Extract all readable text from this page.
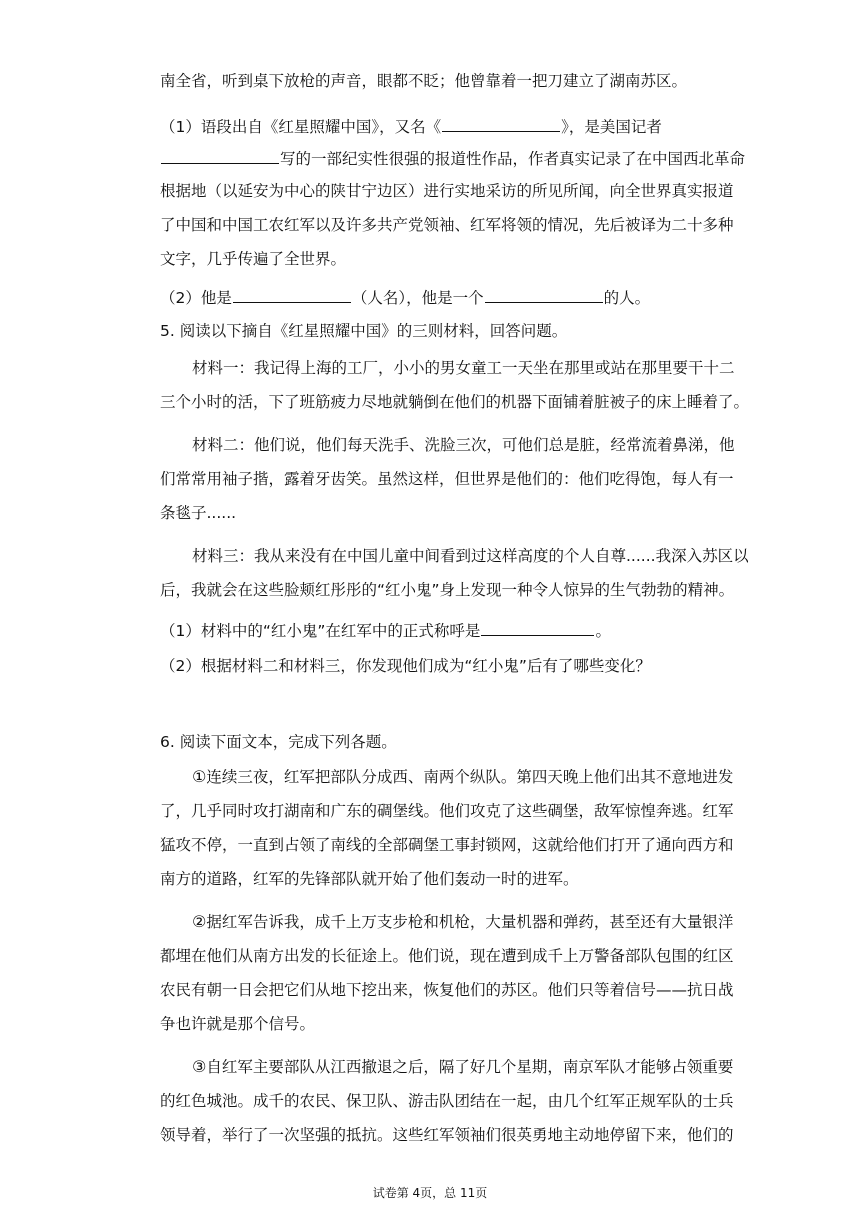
南全省，听到桌下放枪的声音，眼都不眨；他曾靠着一把刀建立了湖南苏区。
（1）语段出自《红星照耀中国》，又名《	》，是美国记者
写的一部纪实性很强的报道性作品，作者真实记录了在中国西北革命
根据地（以延安为中心的陕甘宁边区）进行实地采访的所见所闻，向全世界真实报道
了中国和中国工农红军以及许多共产党领袖、红军将领的情况，先后被译为二十多种
文字，几乎传遍了全世界。
（2）他是	（人名），他是一个	的人。
5. 阅读以下摘自《红星照耀中国》的三则材料，回答问题。
材料一：我记得上海的工厂，小小的男女童工一天坐在那里或站在那里要干十二
三个小时的活，下了班筋疲力尽地就躺倒在他们的机器下面铺着脏被子的床上睡着了。
材料二：他们说，他们每天洗手、洗脸三次，可他们总是脏，经常流着鼻涕，他
们常常用袖子揩，露着牙齿笑。虽然这样，但世界是他们的：他们吃得饱，每人有一
条毯子......
材料三：我从来没有在中国儿童中间看到过这样高度的个人自尊......我深入苏区以
后，我就会在这些脸颊红彤彤的“红小鬼”身上发现一种令人惊异的生气勃勃的精神。
（1）材料中的“红小鬼”在红军中的正式称呼是	。
（2）根据材料二和材料三，你发现他们成为“红小鬼”后有了哪些变化？
6. 阅读下面文本，完成下列各题。
①连续三夜，红军把部队分成西、南两个纵队。第四天晚上他们出其不意地进发
了，几乎同时攻打湖南和广东的碉堡线。他们攻克了这些碉堡，敌军惊惶奔逃。红军
猛攻不停，一直到占领了南线的全部碉堡工事封锁网，这就给他们打开了通向西方和
南方的道路，红军的先锋部队就开始了他们轰动一时的进军。
②据红军告诉我，成千上万支步枪和机枪，大量机器和弹药，甚至还有大量银洋
都埋在他们从南方出发的长征途上。他们说，现在遭到成千上万警备部队包围的红区
农民有朝一日会把它们从地下挖出来，恢复他们的苏区。他们只等着信号——抗日战
争也许就是那个信号。
③自红军主要部队从江西撤退之后，隔了好几个星期，南京军队才能够占领重要
的红色城池。成千的农民、保卫队、游击队团结在一起，由几个红军正规军队的士兵
领导着，举行了一次坚强的抵抗。这些红军领袖们很英勇地主动地停留下来，他们的
试卷第 4页，总 11页
